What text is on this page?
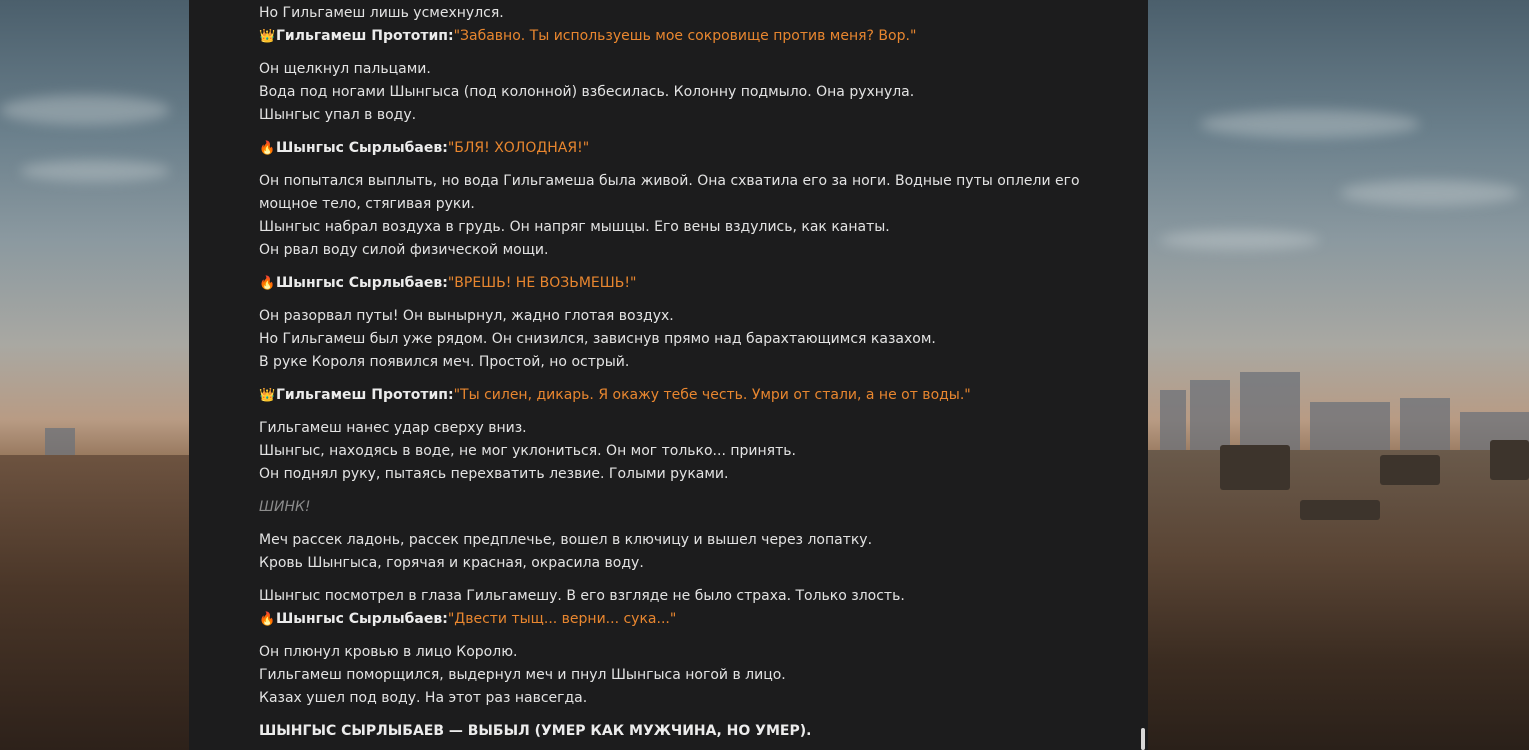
Но Гильгамеш лишь усмехнулся.
👑Гильгамеш Прототип:"Забавно. Ты используешь мое сокровище против меня? Вор."

Он щелкнул пальцами.
Вода под ногами Шынгыса (под колонной) взбесилась. Колонну подмыло. Она рухнула.
Шынгыс упал в воду.

🔥Шынгыс Сырлыбаев:"БЛЯ! ХОЛОДНАЯ!"

Он попытался выплыть, но вода Гильгамеша была живой. Она схватила его за ноги. Водные путы оплели его
мощное тело, стягивая руки.
Шынгыс набрал воздуха в грудь. Он напряг мышцы. Его вены вздулись, как канаты.
Он рвал воду силой физической мощи.

🔥Шынгыс Сырлыбаев:"ВРЕШЬ! НЕ ВОЗЬМЕШЬ!"

Он разорвал путы! Он вынырнул, жадно глотая воздух.
Но Гильгамеш был уже рядом. Он снизился, зависнув прямо над барахтающимся казахом.
В руке Короля появился меч. Простой, но острый.

👑Гильгамеш Прототип:"Ты силен, дикарь. Я окажу тебе честь. Умри от стали, а не от воды."

Гильгамеш нанес удар сверху вниз.
Шынгыс, находясь в воде, не мог уклониться. Он мог только... принять.
Он поднял руку, пытаясь перехватить лезвие. Голыми руками.

ШИНК!

Меч рассек ладонь, рассек предплечье, вошел в ключицу и вышел через лопатку.
Кровь Шынгыса, горячая и красная, окрасила воду.

Шынгыс посмотрел в глаза Гильгамешу. В его взгляде не было страха. Только злость.
🔥Шынгыс Сырлыбаев:"Двести тыщ... верни... сука..."

Он плюнул кровью в лицо Королю.
Гильгамеш поморщился, выдернул меч и пнул Шынгыса ногой в лицо.
Казах ушел под воду. На этот раз навсегда.

ШЫНГЫС СЫРЛЫБАЕВ — ВЫБЫЛ (УМЕР КАК МУЖЧИНА, НО УМЕР).
